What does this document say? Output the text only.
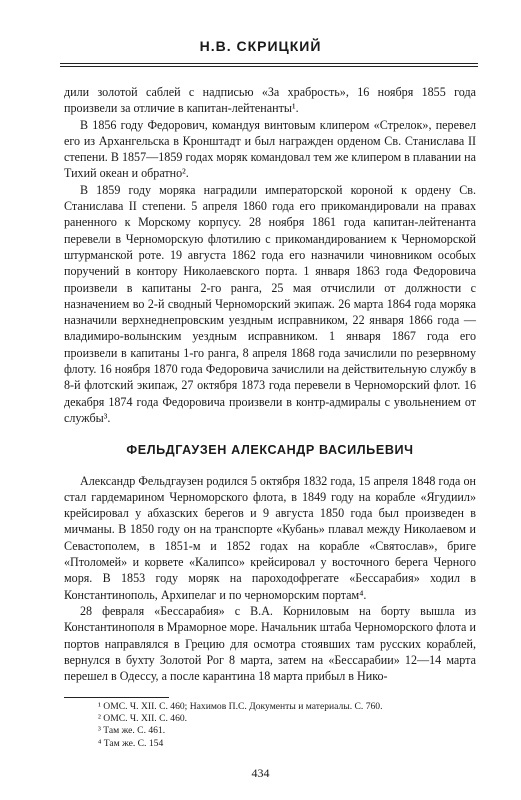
Н.В. СКРИЦКИЙ

дили золотой саблей с надписью «За храбрость», 16 ноября 1855 года произвели за отличие в капитан-лейтенанты¹.

В 1856 году Федорович, командуя винтовым клипером «Стрелок», перевел его из Архангельска в Кронштадт и был награжден орденом Св. Станислава II степени. В 1857—1859 годах моряк командовал тем же клипером в плавании на Тихий океан и обратно².

В 1859 году моряка наградили императорской короной к ордену Св. Станислава II степени. 5 апреля 1860 года его прикомандировали на правах раненного к Морскому корпусу. 28 ноября 1861 года капитан-лейтенанта перевели в Черноморскую флотилию с прикомандированием к Черноморской штурманской роте. 19 августа 1862 года его назначили чиновником особых поручений в контору Николаевского порта. 1 января 1863 года Федоровича произвели в капитаны 2-го ранга, 25 мая отчислили от должности с назначением во 2-й сводный Черноморский экипаж. 26 марта 1864 года моряка назначили верхнеднепровским уездным исправником, 22 января 1866 года — владимиро-волынским уездным исправником. 1 января 1867 года его произвели в капитаны 1-го ранга, 8 апреля 1868 года зачислили по резервному флоту. 16 ноября 1870 года Федоровича зачислили на действительную службу в 8-й флотский экипаж, 27 октября 1873 года перевели в Черноморский флот. 16 декабря 1874 года Федоровича произвели в контр-адмиралы с увольнением от службы³.

ФЕЛЬДГАУЗЕН АЛЕКСАНДР ВАСИЛЬЕВИЧ

Александр Фельдгаузен родился 5 октября 1832 года, 15 апреля 1848 года он стал гардемарином Черноморского флота, в 1849 году на корабле «Ягудиил» крейсировал у абхазских берегов и 9 августа 1850 года был произведен в мичманы. В 1850 году он на транспорте «Кубань» плавал между Николаевом и Севастополем, в 1851-м и 1852 годах на корабле «Святослав», бриге «Птоломей» и корвете «Калипсо» крейсировал у восточного берега Черного моря. В 1853 году моряк на пароходофрегате «Бессарабия» ходил в Константинополь, Архипелаг и по черноморским портам⁴.

28 февраля «Бессарабия» с В.А. Корниловым на борту вышла из Константинополя в Мраморное море. Начальник штаба Черноморского флота и портов направлялся в Грецию для осмотра стоявших там русских кораблей, вернулся в бухту Золотой Рог 8 марта, затем на «Бессарабии» 12—14 марта перешел в Одессу, а после карантина 18 марта прибыл в Нико-

¹ ОМС. Ч. XII. С. 460; Нахимов П.С. Документы и материалы. С. 760.
² ОМС. Ч. XII. С. 460.
³ Там же. С. 461.
⁴ Там же. С. 154
434
